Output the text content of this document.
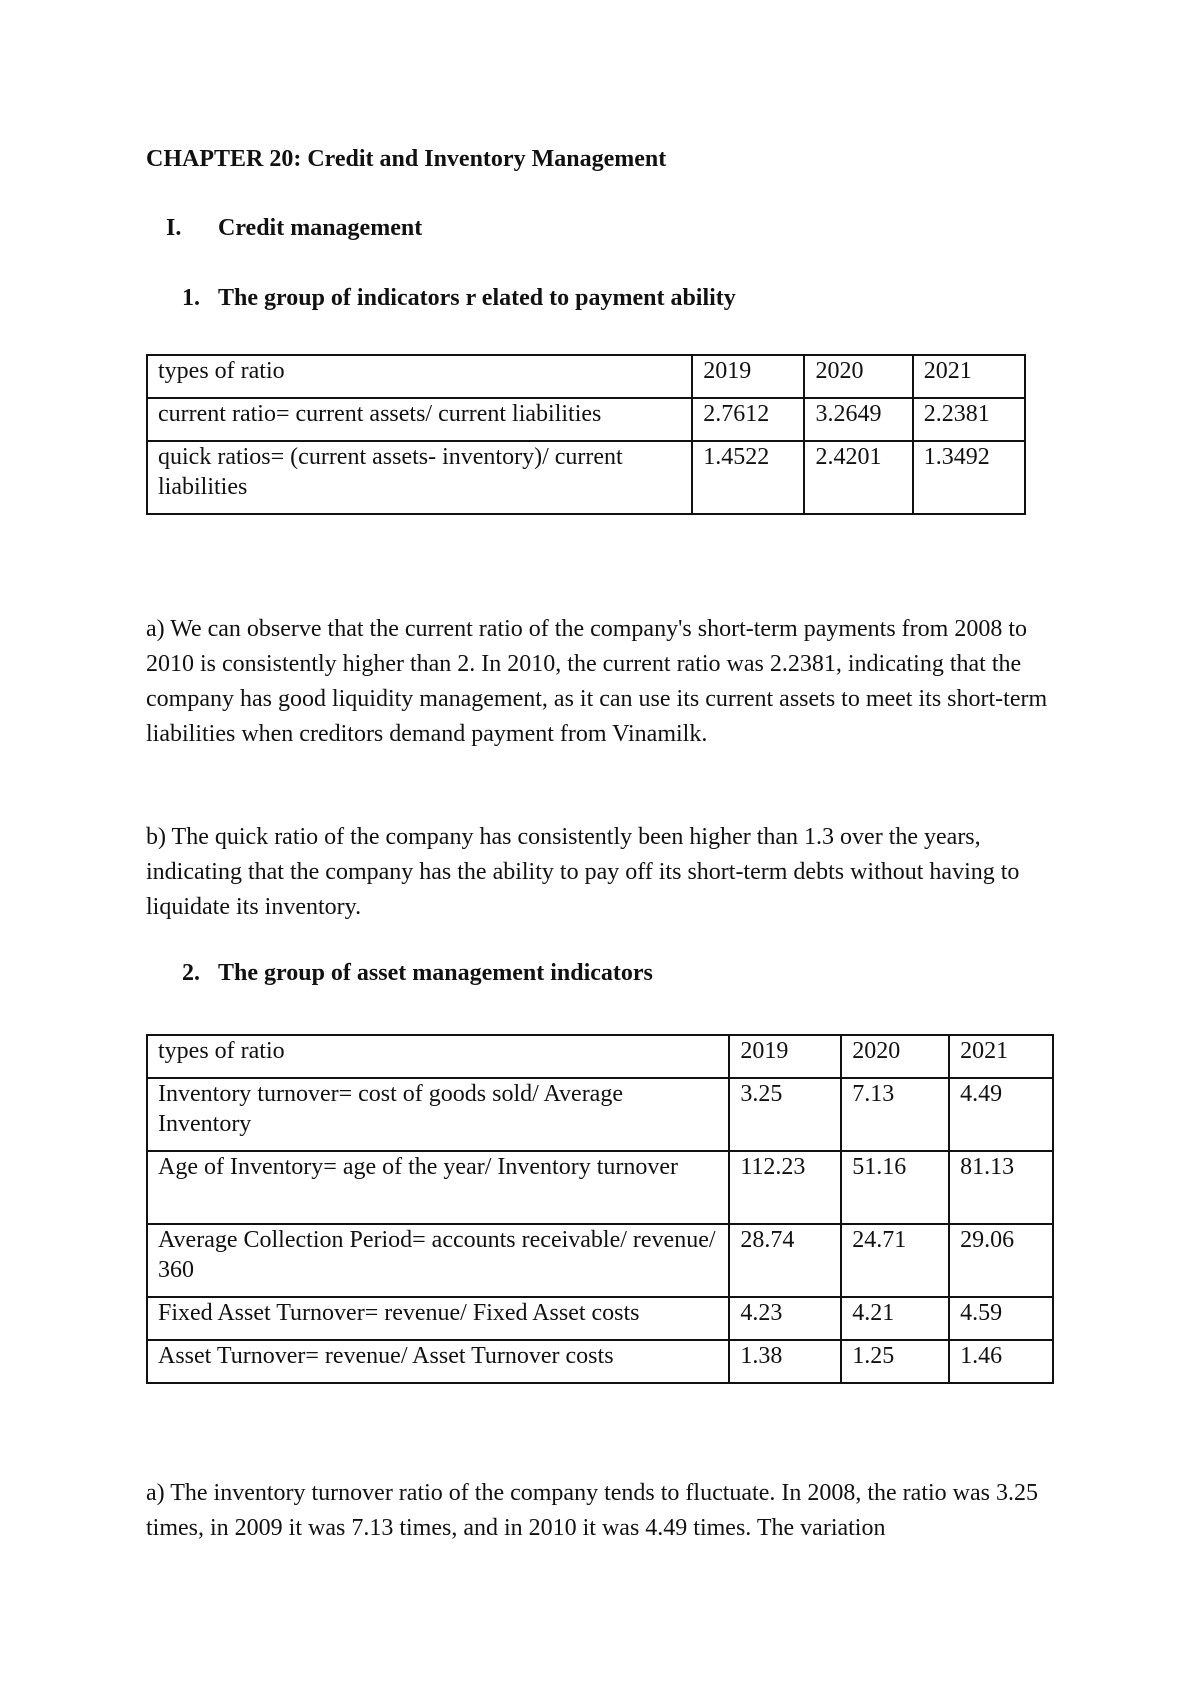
CHAPTER 20: Credit and Inventory Management
I. Credit management
1. The group of indicators r elated to payment ability
types of ratio	2019	2020	2021
current ratio= current assets/ current liabilities	2.7612	3.2649	2.2381
quick ratios= (current assets- inventory)/ current liabilities	1.4522	2.4201	1.3492
a) We can observe that the current ratio of the company's short-term payments from 2008 to 2010 is consistently higher than 2. In 2010, the current ratio was 2.2381, indicating that the company has good liquidity management, as it can use its current assets to meet its short-term liabilities when creditors demand payment from Vinamilk.
b) The quick ratio of the company has consistently been higher than 1.3 over the years, indicating that the company has the ability to pay off its short-term debts without having to liquidate its inventory.
2. The group of asset management indicators
types of ratio	2019	2020	2021
Inventory turnover= cost of goods sold/ Average Inventory	3.25	7.13	4.49
Age of Inventory= age of the year/ Inventory turnover	112.23	51.16	81.13
Average Collection Period= accounts receivable/ revenue/ 360	28.74	24.71	29.06
Fixed Asset Turnover= revenue/ Fixed Asset costs	4.23	4.21	4.59
Asset Turnover= revenue/ Asset Turnover costs	1.38	1.25	1.46
a) The inventory turnover ratio of the company tends to fluctuate. In 2008, the ratio was 3.25 times, in 2009 it was 7.13 times, and in 2010 it was 4.49 times. The variation
